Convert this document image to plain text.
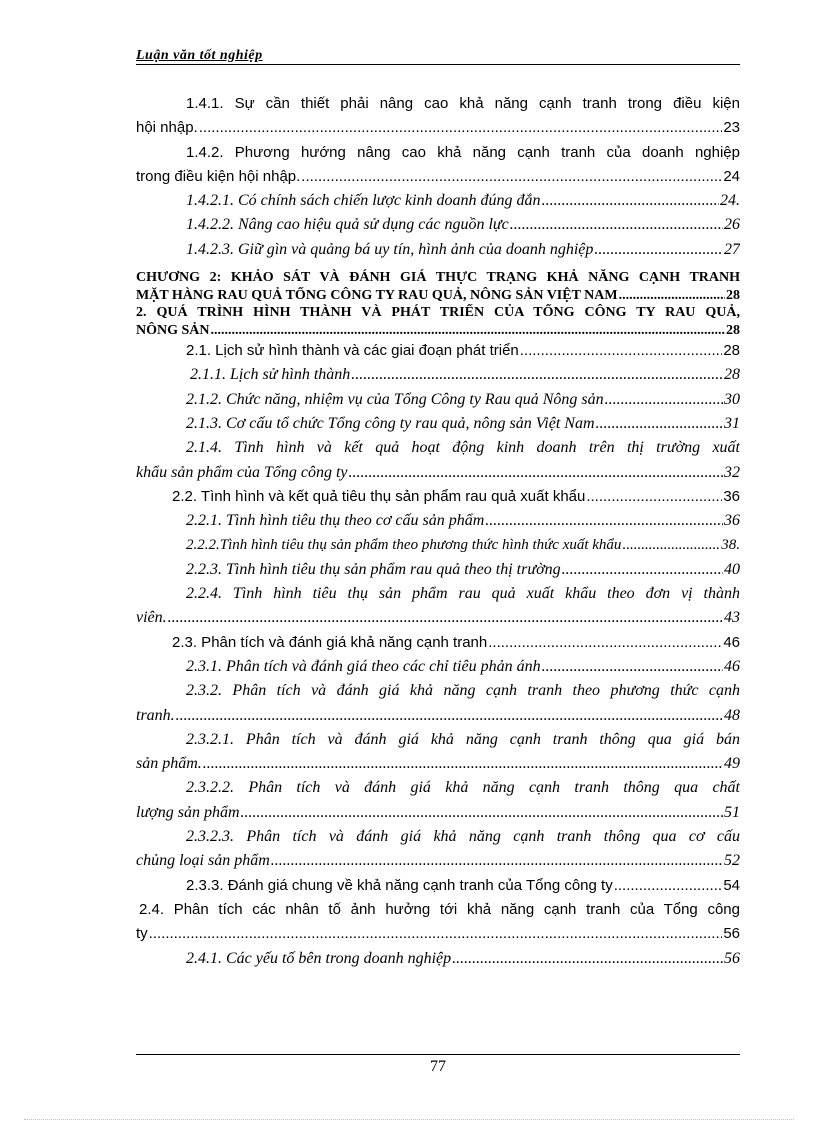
Luận văn tốt nghiệp
1.4.1. Sự cần thiết phải nâng cao khả năng cạnh tranh trong điều kiện
hội nhập. .....	23
1.4.2. Phương hướng nâng cao khả năng cạnh tranh của doanh nghiệp
trong điều kiện hội nhập. .....	24
1.4.2.1. Có chính sách chiến lược kinh doanh đúng đắn .....	24.
1.4.2.2. Nâng cao hiệu quả sử dụng các nguồn lực .....	26
1.4.2.3. Giữ gìn và quảng bá uy tín, hình ảnh của doanh nghiệp .....	27
CHƯƠNG 2: KHẢO SÁT VÀ ĐÁNH GIÁ THỰC TRẠNG KHẢ NĂNG CẠNH TRANH
MẶT HÀNG RAU QUẢ TỔNG CÔNG TY RAU QUẢ, NÔNG SẢN VIỆT NAM .....	28
2. QUÁ TRÌNH HÌNH THÀNH VÀ PHÁT TRIỂN CỦA TỔNG CÔNG TY RAU QUẢ,
NÔNG SẢN .....	28
2.1. Lịch sử hình thành và các giai đoạn phát triển .....	28
2.1.1. Lịch sử hình thành .....	28
2.1.2. Chức năng, nhiệm vụ của Tổng Công ty Rau quả Nông sản .....	30
2.1.3. Cơ cấu tổ chức Tổng công ty rau quả, nông sản Việt Nam .....	31
2.1.4. Tình hình và kết quả hoạt động kinh doanh trên thị trường xuất
khẩu sản phẩm của Tổng công ty .....	32
2.2. Tình hình và kết quả tiêu thụ sản phẩm rau quả xuất khẩu .....	36
2.2.1. Tình hình tiêu thụ theo cơ cấu sản phẩm .....	36
2.2.2.Tình hình tiêu thụ sản phẩm theo phương thức hình thức xuất khẩu .....	38.
2.2.3. Tình hình tiêu thụ sản phẩm rau quả theo thị trường .....	40
2.2.4. Tình hình tiêu thụ sản phẩm rau quả xuất khẩu theo đơn vị thành
viên. .....	43
2.3. Phân tích và đánh giá khả năng cạnh tranh .....	46
2.3.1. Phân tích và đánh giá theo các chỉ tiêu phản ánh .....	46
2.3.2. Phân tích và đánh giá khả năng cạnh tranh theo phương thức cạnh
tranh. .....	48
2.3.2.1. Phân tích và đánh giá khả năng cạnh tranh thông qua giá bán
sản phẩm. .....	49
2.3.2.2. Phân tích và đánh giá khả năng cạnh tranh thông qua chất
lượng sản phẩm .....	51
2.3.2.3. Phân tích và đánh giá khả năng cạnh tranh thông qua cơ cấu
chủng loại sản phẩm .....	52
2.3.3. Đánh giá chung về khả năng cạnh tranh của Tổng công ty .....	54
2.4. Phân tích các nhân tố ảnh hưởng tới khả năng cạnh tranh của Tổng công
ty .....	56
2.4.1. Các yếu tố bên trong doanh nghiệp .....	56
77
